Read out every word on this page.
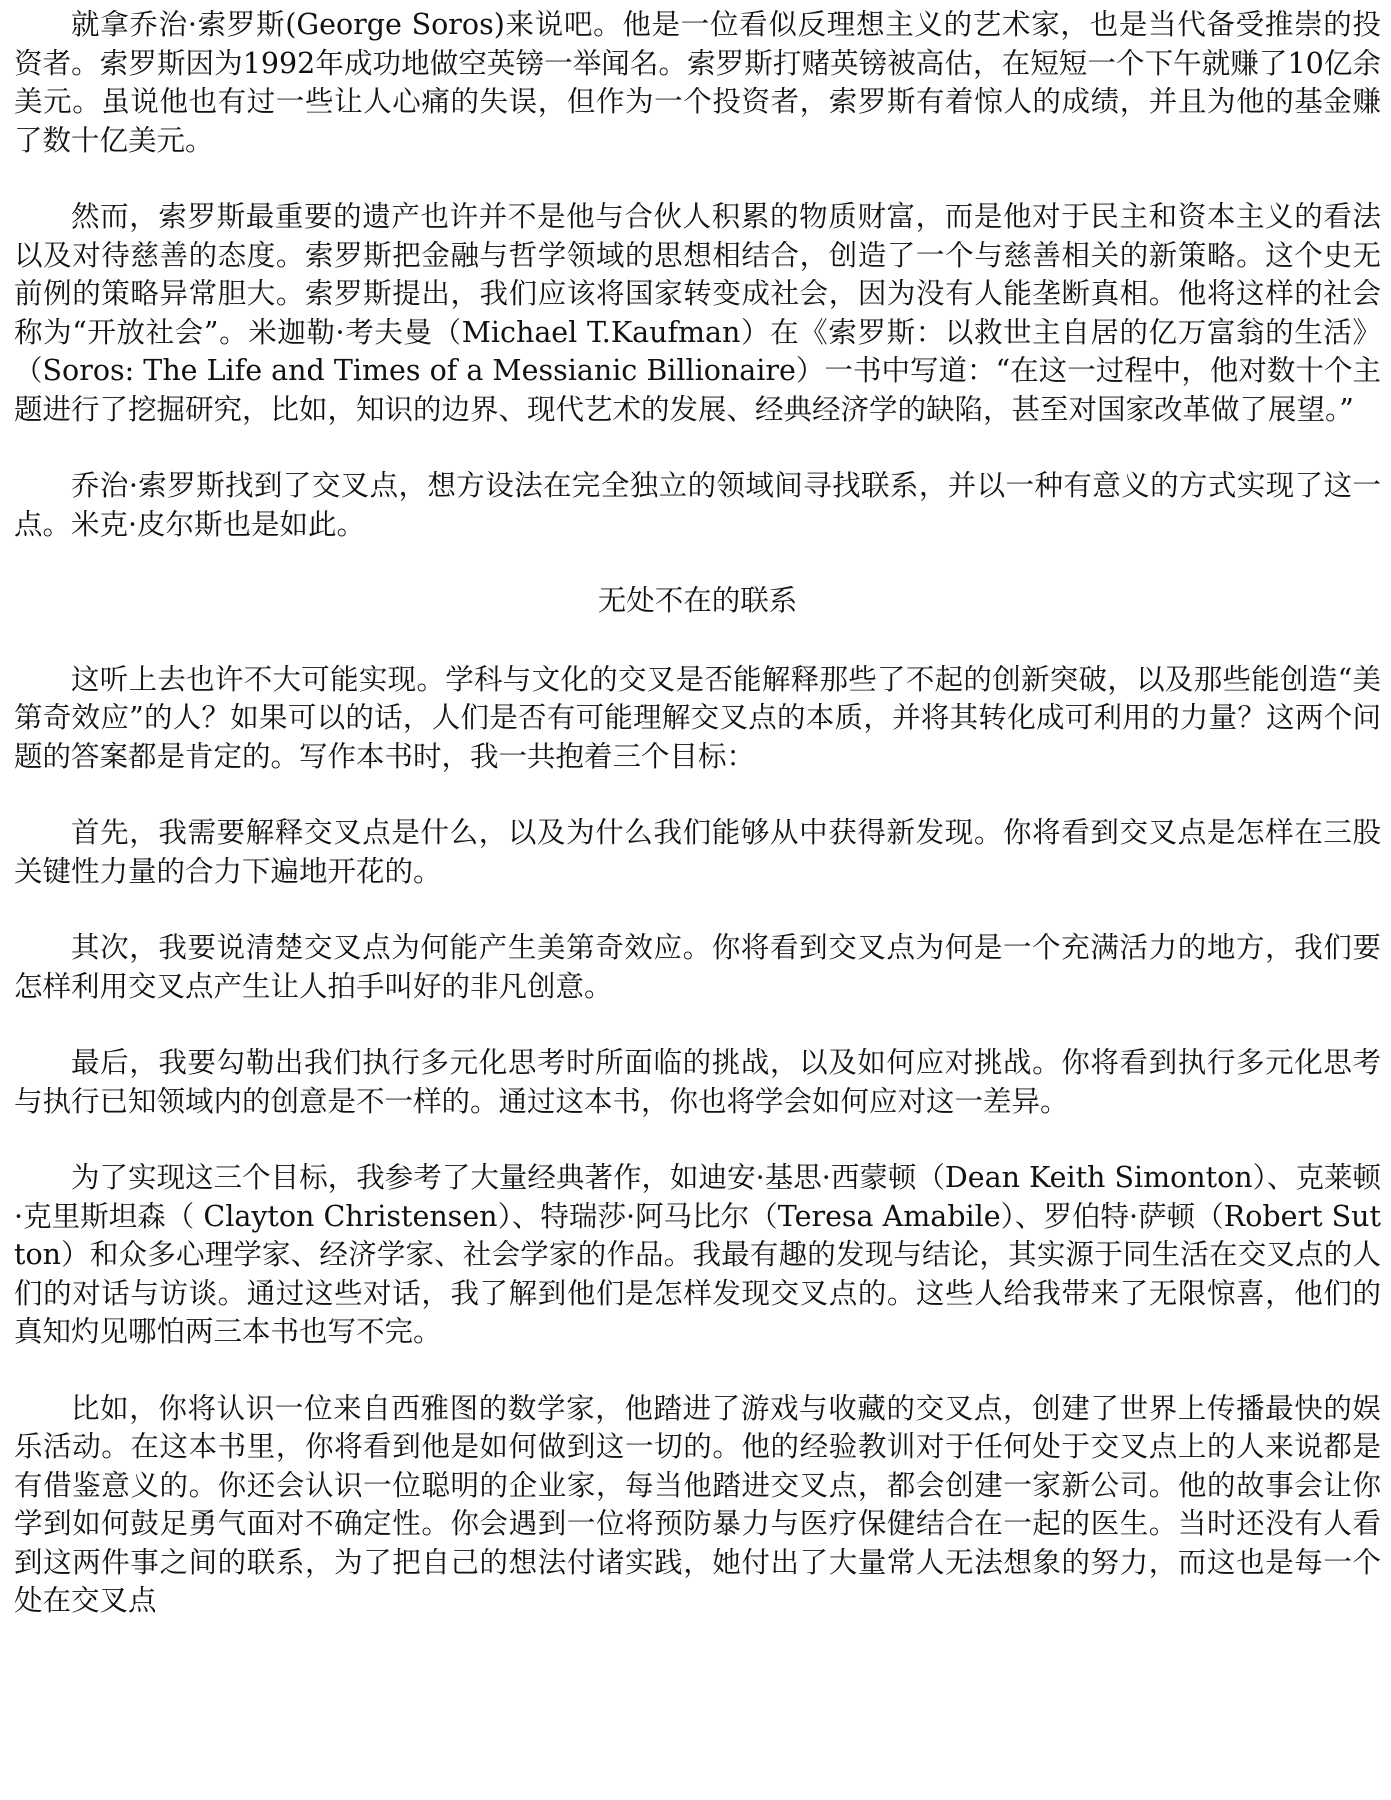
就拿乔治·索罗斯(George Soros)来说吧。他是一位看似反理想主义的艺术家，也是当代备受推崇的投资者。索罗斯因为1992年成功地做空英镑一举闻名。索罗斯打赌英镑被高估，在短短一个下午就赚了10亿余美元。虽说他也有过一些让人心痛的失误，但作为一个投资者，索罗斯有着惊人的成绩，并且为他的基金赚了数十亿美元。

然而，索罗斯最重要的遗产也许并不是他与合伙人积累的物质财富，而是他对于民主和资本主义的看法以及对待慈善的态度。索罗斯把金融与哲学领域的思想相结合，创造了一个与慈善相关的新策略。这个史无前例的策略异常胆大。索罗斯提出，我们应该将国家转变成社会，因为没有人能垄断真相。他将这样的社会称为“开放社会”。米迦勒·考夫曼（Michael T.Kaufman）在《索罗斯：以救世主自居的亿万富翁的生活》（Soros: The Life and Times of a Messianic Billionaire）一书中写道：“在这一过程中，他对数十个主题进行了挖掘研究，比如，知识的边界、现代艺术的发展、经典经济学的缺陷，甚至对国家改革做了展望。”

乔治·索罗斯找到了交叉点，想方设法在完全独立的领域间寻找联系，并以一种有意义的方式实现了这一点。米克·皮尔斯也是如此。

无处不在的联系

这听上去也许不大可能实现。学科与文化的交叉是否能解释那些了不起的创新突破，以及那些能创造“美第奇效应”的人？如果可以的话，人们是否有可能理解交叉点的本质，并将其转化成可利用的力量？这两个问题的答案都是肯定的。写作本书时，我一共抱着三个目标：

首先，我需要解释交叉点是什么，以及为什么我们能够从中获得新发现。你将看到交叉点是怎样在三股关键性力量的合力下遍地开花的。

其次，我要说清楚交叉点为何能产生美第奇效应。你将看到交叉点为何是一个充满活力的地方，我们要怎样利用交叉点产生让人拍手叫好的非凡创意。

最后，我要勾勒出我们执行多元化思考时所面临的挑战，以及如何应对挑战。你将看到执行多元化思考与执行已知领域内的创意是不一样的。通过这本书，你也将学会如何应对这一差异。

为了实现这三个目标，我参考了大量经典著作，如迪安·基思·西蒙顿（Dean Keith Simonton）、克莱顿·克里斯坦森（ Clayton Christensen）、特瑞莎·阿马比尔（Teresa Amabile）、罗伯特·萨顿（Robert Sutton）和众多心理学家、经济学家、社会学家的作品。我最有趣的发现与结论，其实源于同生活在交叉点的人们的对话与访谈。通过这些对话，我了解到他们是怎样发现交叉点的。这些人给我带来了无限惊喜，他们的真知灼见哪怕两三本书也写不完。

比如，你将认识一位来自西雅图的数学家，他踏进了游戏与收藏的交叉点，创建了世界上传播最快的娱乐活动。在这本书里，你将看到他是如何做到这一切的。他的经验教训对于任何处于交叉点上的人来说都是有借鉴意义的。你还会认识一位聪明的企业家，每当他踏进交叉点，都会创建一家新公司。他的故事会让你学到如何鼓足勇气面对不确定性。你会遇到一位将预防暴力与医疗保健结合在一起的医生。当时还没有人看到这两件事之间的联系，为了把自己的想法付诸实践，她付出了大量常人无法想象的努力，而这也是每一个处在交叉点
